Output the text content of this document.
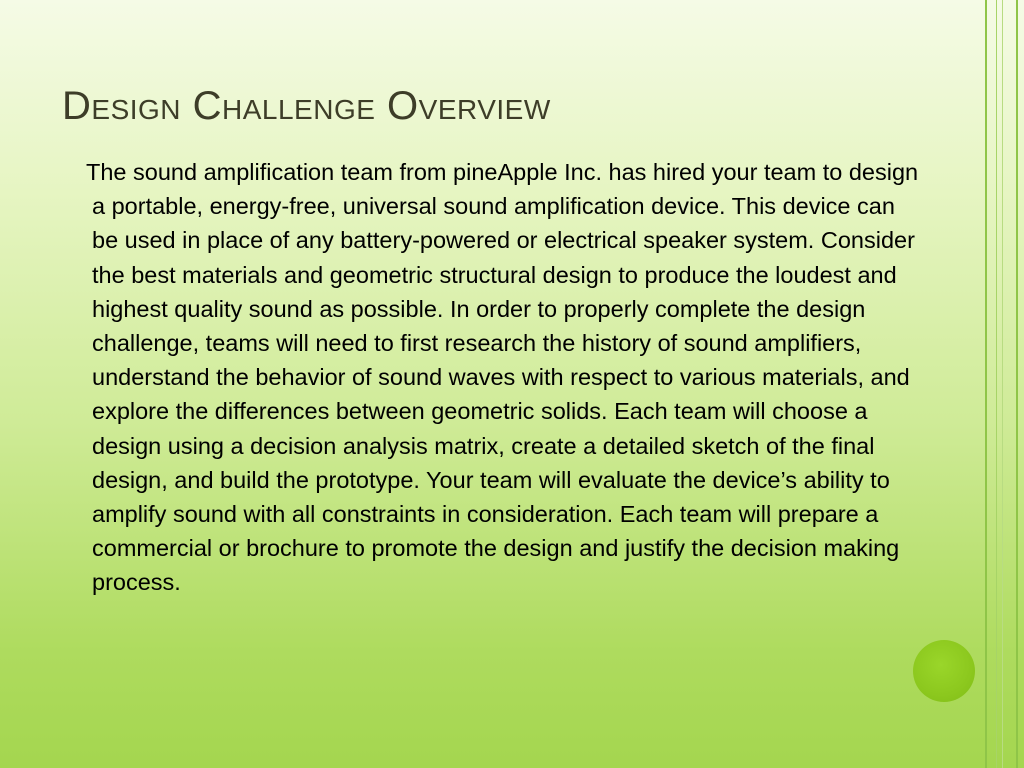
Design Challenge Overview

The sound amplification team from pineApple Inc. has hired your team to design a portable, energy-free, universal sound amplification device. This device can be used in place of any battery-powered or electrical speaker system. Consider the best materials and geometric structural design to produce the loudest and highest quality sound as possible. In order to properly complete the design challenge, teams will need to first research the history of sound amplifiers, understand the behavior of sound waves with respect to various materials, and explore the differences between geometric solids. Each team will choose a design using a decision analysis matrix, create a detailed sketch of the final design, and build the prototype. Your team will evaluate the device’s ability to amplify sound with all constraints in consideration. Each team will prepare a commercial or brochure to promote the design and justify the decision making process.
